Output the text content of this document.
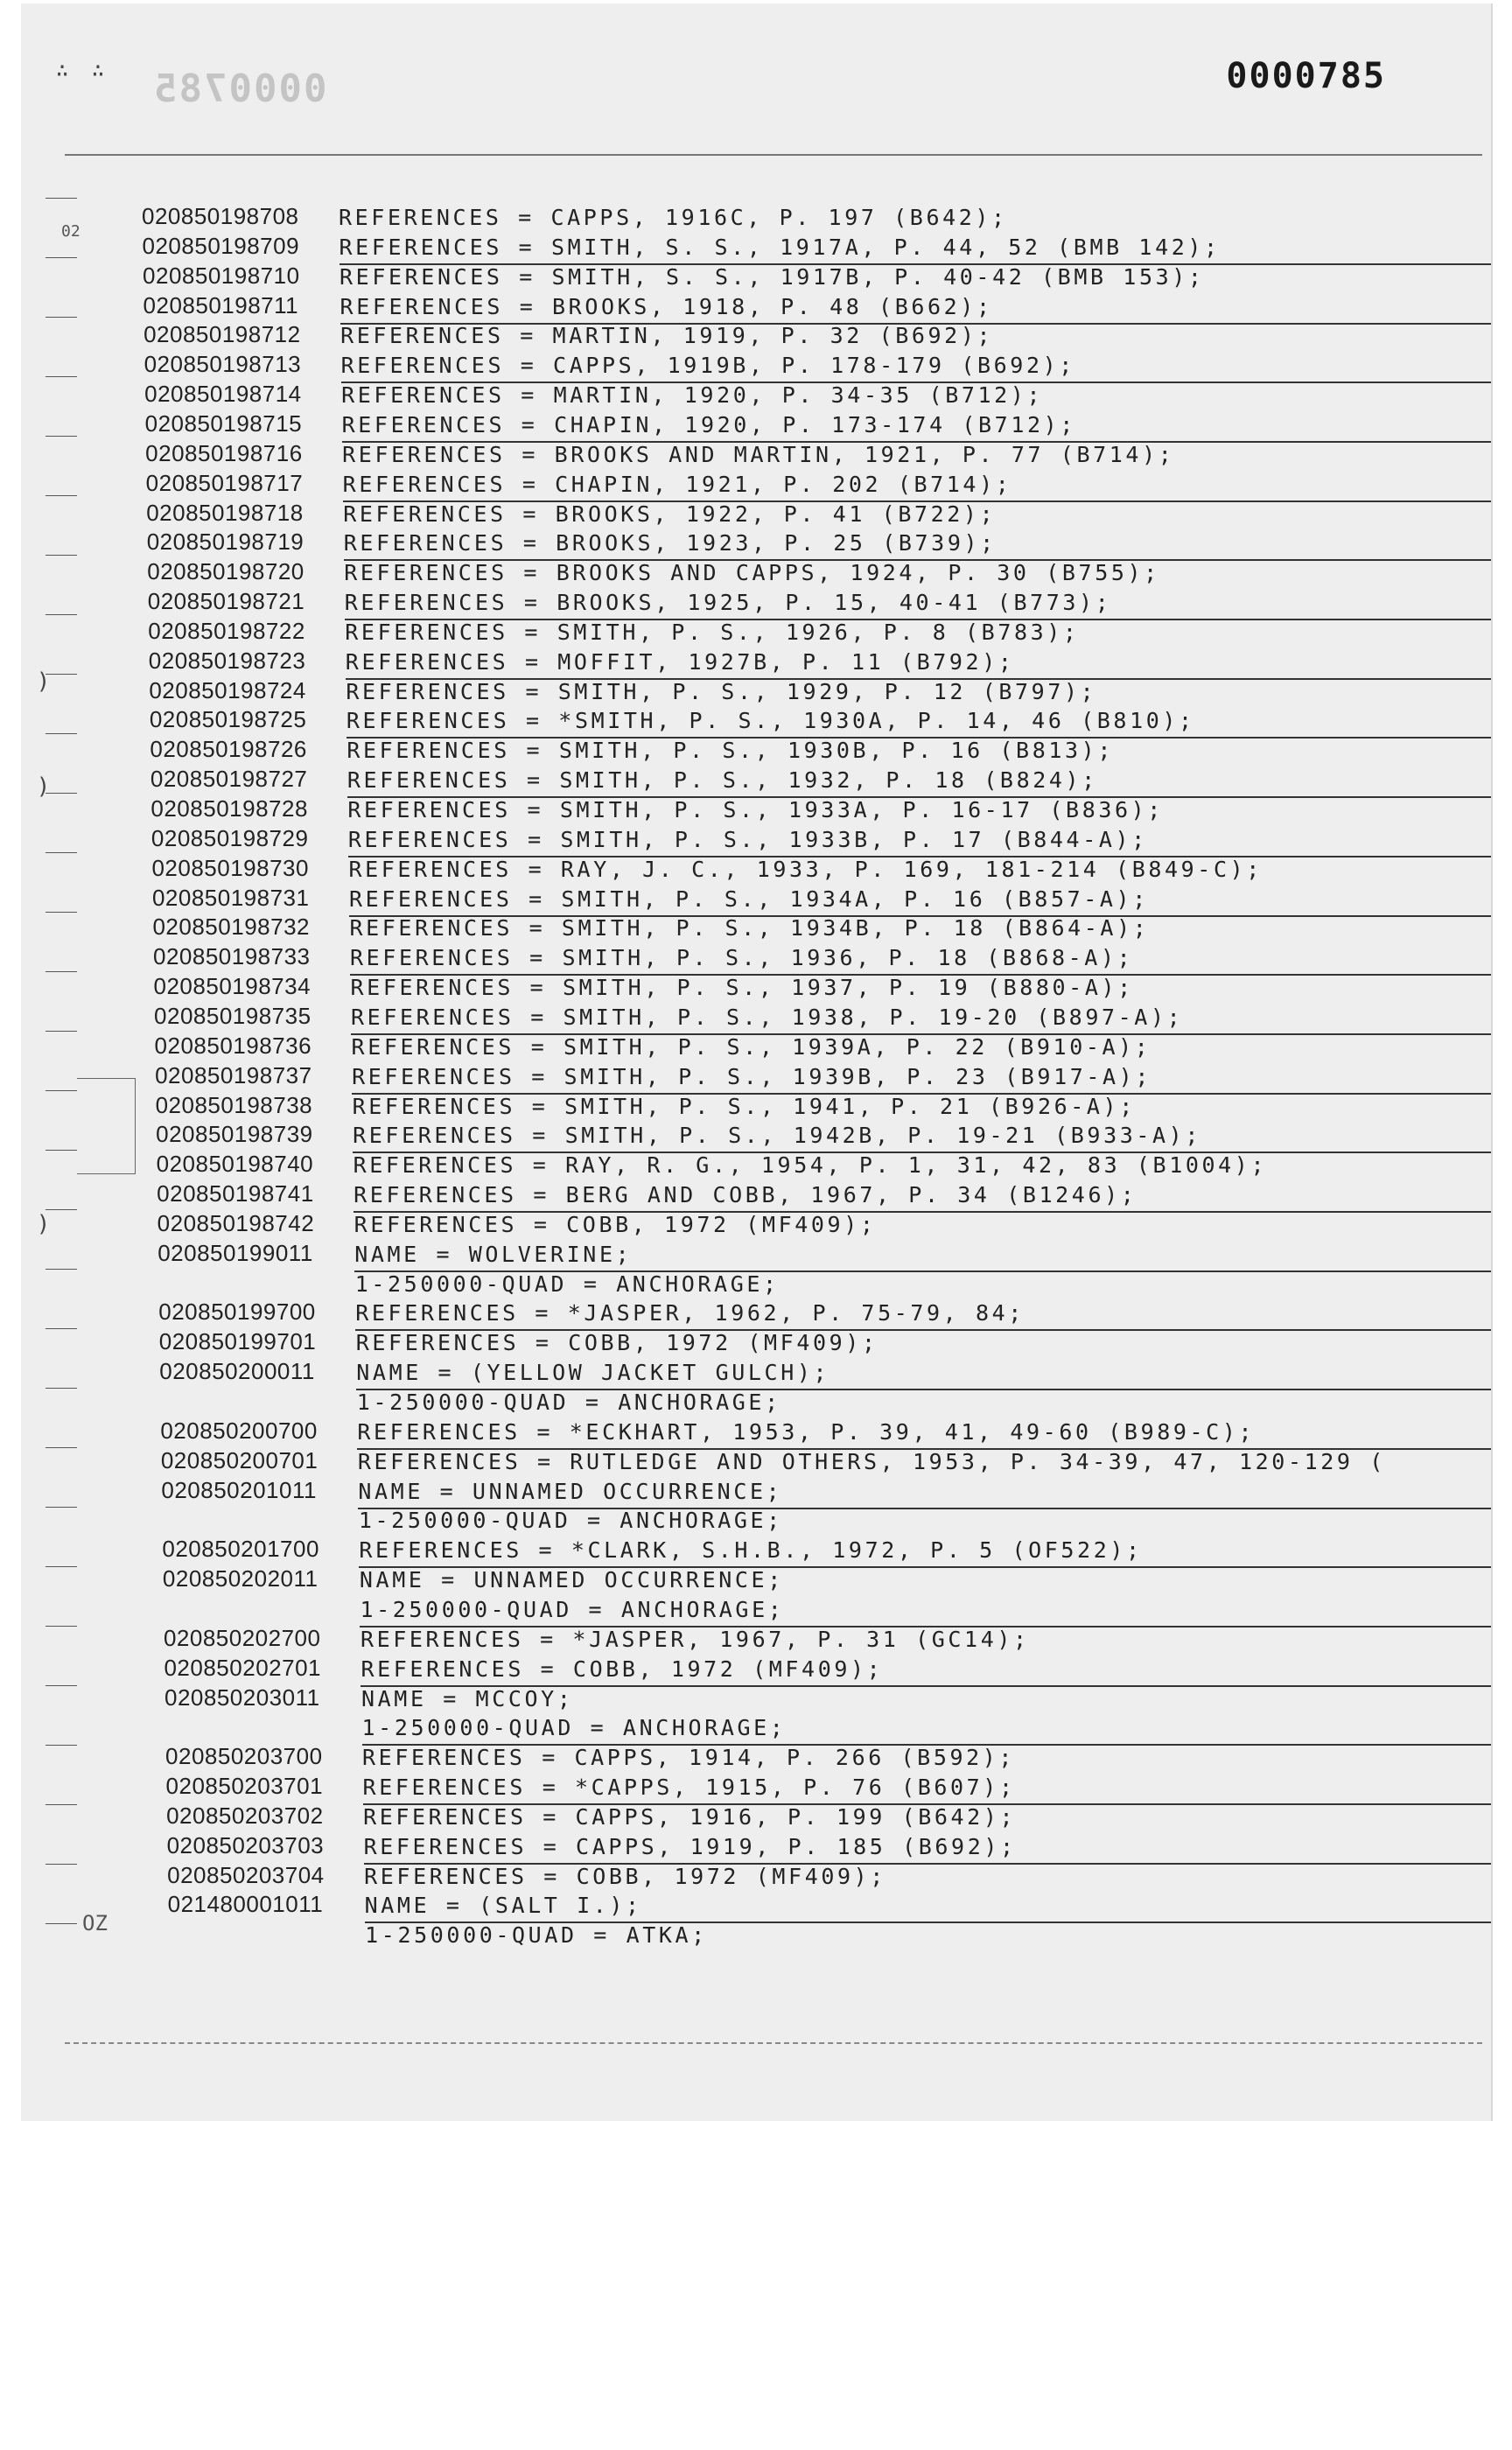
0000785
0000785
∴ ∴
02
OZ
020850198708 REFERENCES = CAPPS, 1916C, P. 197 (B642);
020850198709 REFERENCES = SMITH, S. S., 1917A, P. 44, 52 (BMB 142);
020850198710 REFERENCES = SMITH, S. S., 1917B, P. 40-42 (BMB 153);
020850198711 REFERENCES = BROOKS, 1918, P. 48 (B662);
020850198712 REFERENCES = MARTIN, 1919, P. 32 (B692);
020850198713 REFERENCES = CAPPS, 1919B, P. 178-179 (B692);
020850198714 REFERENCES = MARTIN, 1920, P. 34-35 (B712);
020850198715 REFERENCES = CHAPIN, 1920, P. 173-174 (B712);
020850198716 REFERENCES = BROOKS AND MARTIN, 1921, P. 77 (B714);
020850198717 REFERENCES = CHAPIN, 1921, P. 202 (B714);
020850198718 REFERENCES = BROOKS, 1922, P. 41 (B722);
020850198719 REFERENCES = BROOKS, 1923, P. 25 (B739);
020850198720 REFERENCES = BROOKS AND CAPPS, 1924, P. 30 (B755);
020850198721 REFERENCES = BROOKS, 1925, P. 15, 40-41 (B773);
020850198722 REFERENCES = SMITH, P. S., 1926, P. 8 (B783);
020850198723 REFERENCES = MOFFIT, 1927B, P. 11 (B792);
020850198724 REFERENCES = SMITH, P. S., 1929, P. 12 (B797);
020850198725 REFERENCES = *SMITH, P. S., 1930A, P. 14, 46 (B810);
020850198726 REFERENCES = SMITH, P. S., 1930B, P. 16 (B813);
020850198727 REFERENCES = SMITH, P. S., 1932, P. 18 (B824);
020850198728 REFERENCES = SMITH, P. S., 1933A, P. 16-17 (B836);
020850198729 REFERENCES = SMITH, P. S., 1933B, P. 17 (B844-A);
020850198730 REFERENCES = RAY, J. C., 1933, P. 169, 181-214 (B849-C);
020850198731 REFERENCES = SMITH, P. S., 1934A, P. 16 (B857-A);
020850198732 REFERENCES = SMITH, P. S., 1934B, P. 18 (B864-A);
020850198733 REFERENCES = SMITH, P. S., 1936, P. 18 (B868-A);
020850198734 REFERENCES = SMITH, P. S., 1937, P. 19 (B880-A);
020850198735 REFERENCES = SMITH, P. S., 1938, P. 19-20 (B897-A);
020850198736 REFERENCES = SMITH, P. S., 1939A, P. 22 (B910-A);
020850198737 REFERENCES = SMITH, P. S., 1939B, P. 23 (B917-A);
020850198738 REFERENCES = SMITH, P. S., 1941, P. 21 (B926-A);
020850198739 REFERENCES = SMITH, P. S., 1942B, P. 19-21 (B933-A);
020850198740 REFERENCES = RAY, R. G., 1954, P. 1, 31, 42, 83 (B1004);
020850198741 REFERENCES = BERG AND COBB, 1967, P. 34 (B1246);
020850198742 REFERENCES = COBB, 1972 (MF409);
020850199011 NAME = WOLVERINE;
1-250000-QUAD = ANCHORAGE;
020850199700 REFERENCES = *JASPER, 1962, P. 75-79, 84;
020850199701 REFERENCES = COBB, 1972 (MF409);
020850200011 NAME = (YELLOW JACKET GULCH);
1-250000-QUAD = ANCHORAGE;
020850200700 REFERENCES = *ECKHART, 1953, P. 39, 41, 49-60 (B989-C);
020850200701 REFERENCES = RUTLEDGE AND OTHERS, 1953, P. 34-39, 47, 120-129 (
020850201011 NAME = UNNAMED OCCURRENCE;
1-250000-QUAD = ANCHORAGE;
020850201700 REFERENCES = *CLARK, S.H.B., 1972, P. 5 (OF522);
020850202011 NAME = UNNAMED OCCURRENCE;
1-250000-QUAD = ANCHORAGE;
020850202700 REFERENCES = *JASPER, 1967, P. 31 (GC14);
020850202701 REFERENCES = COBB, 1972 (MF409);
020850203011 NAME = MCCOY;
1-250000-QUAD = ANCHORAGE;
020850203700 REFERENCES = CAPPS, 1914, P. 266 (B592);
020850203701 REFERENCES = *CAPPS, 1915, P. 76 (B607);
020850203702 REFERENCES = CAPPS, 1916, P. 199 (B642);
020850203703 REFERENCES = CAPPS, 1919, P. 185 (B692);
020850203704 REFERENCES = COBB, 1972 (MF409);
021480001011 NAME = (SALT I.);
1-250000-QUAD = ATKA;
)
)
)
